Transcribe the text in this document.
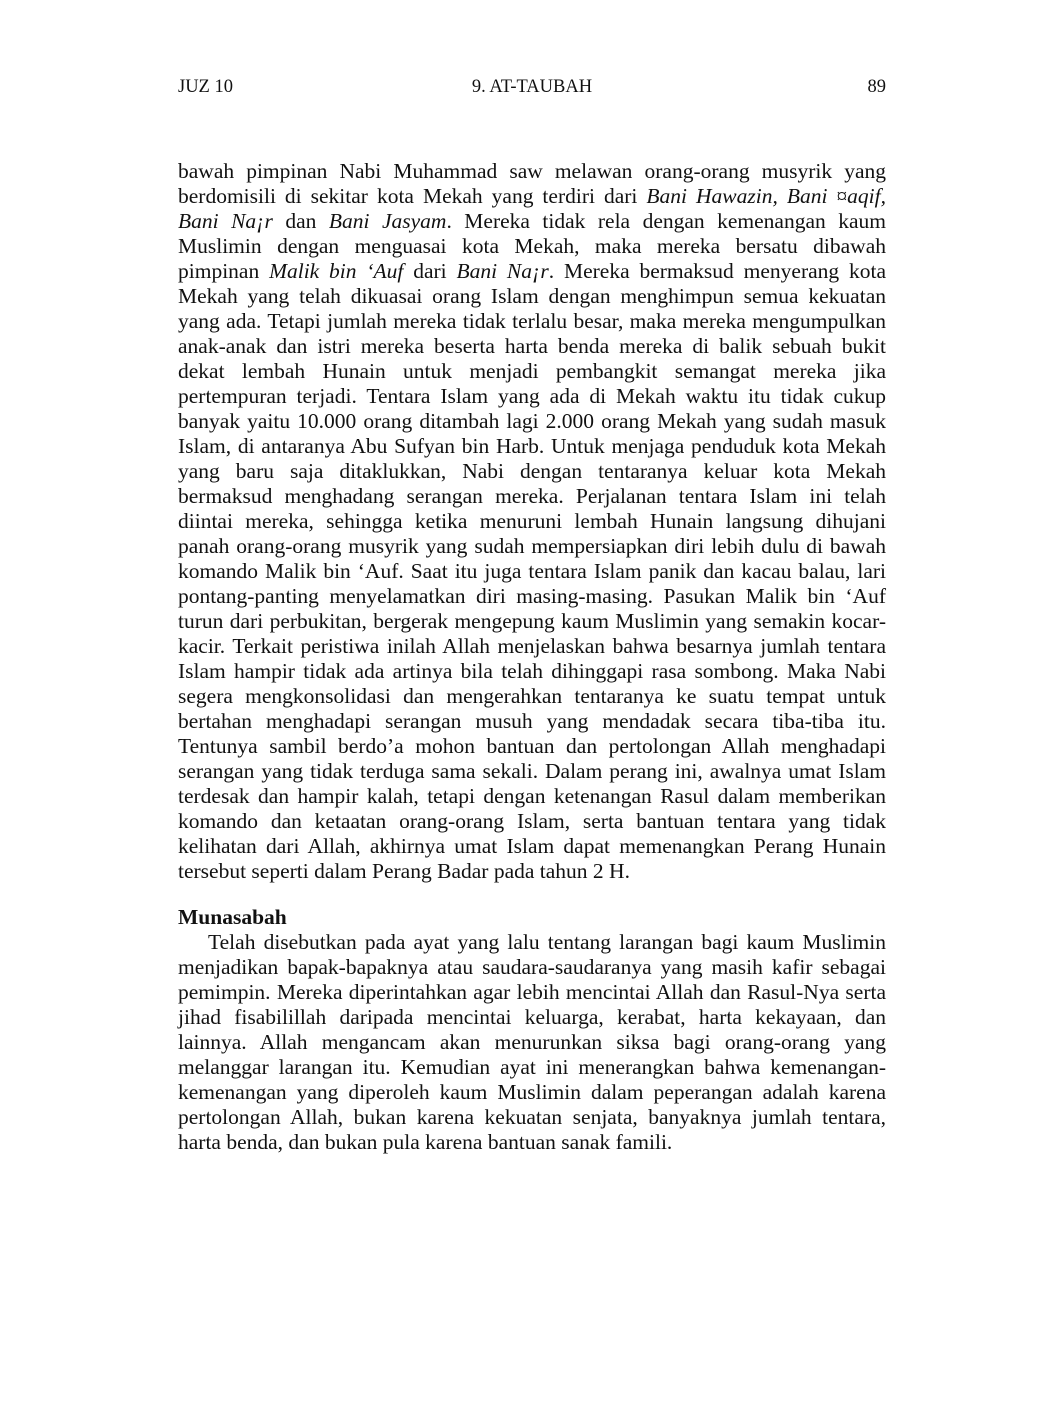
JUZ 10	9. AT-TAUBAH	89

bawah pimpinan Nabi Muhammad saw melawan orang-orang musyrik yang berdomisili di sekitar kota Mekah yang terdiri dari Bani Hawazin, Bani ¤aqif, Bani Na¡r dan Bani Jasyam. Mereka tidak rela dengan kemenangan kaum Muslimin dengan menguasai kota Mekah, maka mereka bersatu dibawah pimpinan Malik bin ‘Auf dari Bani Na¡r. Mereka bermaksud menyerang kota Mekah yang telah dikuasai orang Islam dengan menghimpun semua kekuatan yang ada. Tetapi jumlah mereka tidak terlalu besar, maka mereka mengumpulkan anak-anak dan istri mereka beserta harta benda mereka di balik sebuah bukit dekat lembah Hunain untuk menjadi pembangkit semangat mereka jika pertempuran terjadi. Tentara Islam yang ada di Mekah waktu itu tidak cukup banyak yaitu 10.000 orang ditambah lagi 2.000 orang Mekah yang sudah masuk Islam, di antaranya Abu Sufyan bin Harb. Untuk menjaga penduduk kota Mekah yang baru saja ditaklukkan, Nabi dengan tentaranya keluar kota Mekah bermaksud menghadang serangan mereka. Perjalanan tentara Islam ini telah diintai mereka, sehingga ketika menuruni lembah Hunain langsung dihujani panah orang-orang musyrik yang sudah mempersiapkan diri lebih dulu di bawah komando Malik bin ‘Auf. Saat itu juga tentara Islam panik dan kacau balau, lari pontang-panting menyelamatkan diri masing-masing. Pasukan Malik bin ‘Auf turun dari perbukitan, bergerak mengepung kaum Muslimin yang semakin kocar-kacir. Terkait peristiwa inilah Allah menjelaskan bahwa besarnya jumlah tentara Islam hampir tidak ada artinya bila telah dihinggapi rasa sombong. Maka Nabi segera mengkonsolidasi dan mengerahkan tentaranya ke suatu tempat untuk bertahan menghadapi serangan musuh yang mendadak secara tiba-tiba itu. Tentunya sambil berdo’a mohon bantuan dan pertolongan Allah menghadapi serangan yang tidak terduga sama sekali. Dalam perang ini, awalnya umat Islam terdesak dan hampir kalah, tetapi dengan ketenangan Rasul dalam memberikan komando dan ketaatan orang-orang Islam, serta bantuan tentara yang tidak kelihatan dari Allah, akhirnya umat Islam dapat memenangkan Perang Hunain tersebut seperti dalam Perang Badar pada tahun 2 H.

Munasabah

Telah disebutkan pada ayat yang lalu tentang larangan bagi kaum Muslimin menjadikan bapak-bapaknya atau saudara-saudaranya yang masih kafir sebagai pemimpin. Mereka diperintahkan agar lebih mencintai Allah dan Rasul-Nya serta jihad fisabilillah daripada mencintai keluarga, kerabat, harta kekayaan, dan lainnya. Allah mengancam akan menurunkan siksa bagi orang-orang yang melanggar larangan itu. Kemudian ayat ini menerangkan bahwa kemenangan-kemenangan yang diperoleh kaum Muslimin dalam peperangan adalah karena pertolongan Allah, bukan karena kekuatan senjata, banyaknya jumlah tentara, harta benda, dan bukan pula karena bantuan sanak famili.
